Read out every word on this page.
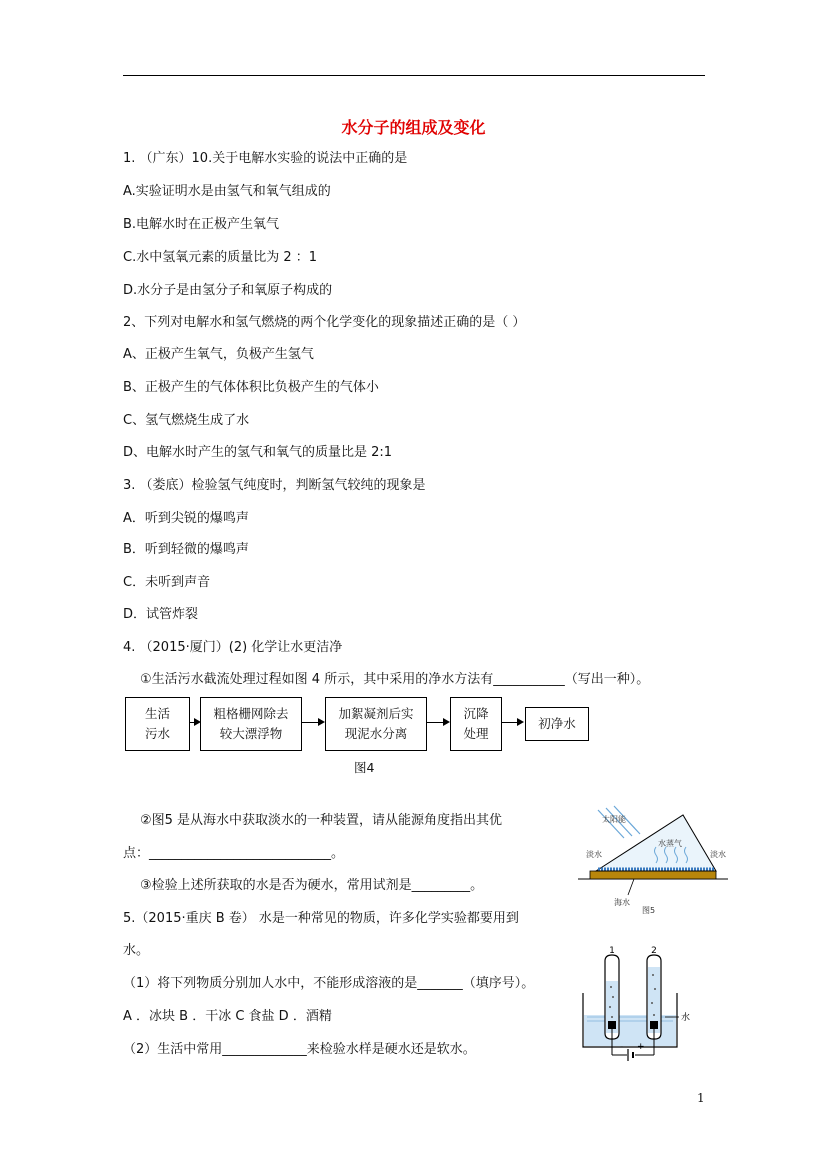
水分子的组成及变化
1. （广东）10.关于电解水实验的说法中正确的是
A.实验证明水是由氢气和氧气组成的
B.电解水时在正极产生氧气
C.水中氢氧元素的质量比为 2 ：1
D.水分子是由氢分子和氧原子构成的
2、下列对电解水和氢气燃烧的两个化学变化的现象描述正确的是（ ）
A、正极产生氧气，负极产生氢气
B、正极产生的气体体积比负极产生的气体小
C、氢气燃烧生成了水
D、电解水时产生的氢气和氧气的质量比是 2:1
3. （娄底）检验氢气纯度时，判断氢气较纯的现象是
A．听到尖锐的爆鸣声
B．听到轻微的爆鸣声
C．未听到声音
D．试管炸裂
4. （2015·厦门）(2) 化学让水更洁净
①生活污水截流处理过程如图 4 所示，其中采用的净水方法有___________（写出一种）。
生活
污水
粗格栅网除去
较大漂浮物
加絮凝剂后实
现泥水分离
沉降
处理
初净水
图4
②图5 是从海水中获取淡水的一种装置，请从能源角度指出其优
点：____________________________。
③检验上述所获取的水是否为硬水，常用试剂是_________。
太阳能
水蒸气
淡水	淡水
海水
图5
5.（2015·重庆 B 卷） 水是一种常见的物质，许多化学实验都要用到
水。
（1）将下列物质分别加人水中，不能形成溶液的是_______（填序号）。
A ．冰块 B ．干冰 C 食盐 D ．酒精
（2）生活中常用_____________来检验水样是硬水还是软水。
1	2
水
- +
1
